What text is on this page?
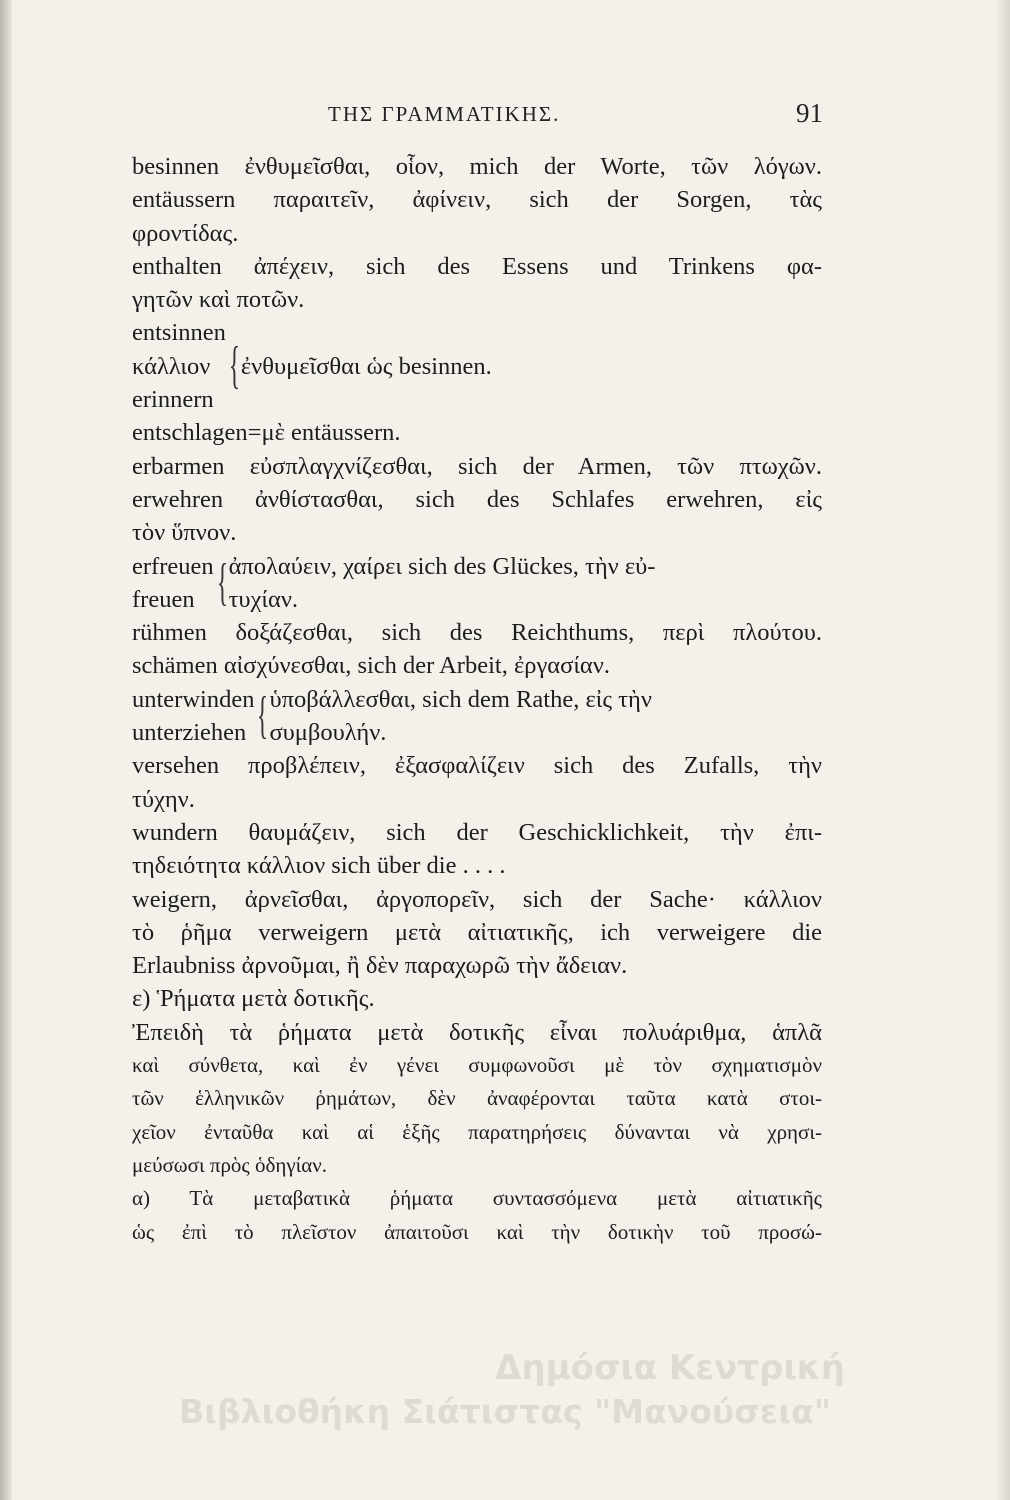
ΤΗΣ ΓΡΑΜΜΑΤΙΚΗΣ.	91
besinnen ἐνθυμεῖσθαι, οἷον, mich der Worte, τῶν λόγων.
entäussern παραιτεῖν, ἀφίνειν, sich der Sorgen, τὰς
φροντίδας.
enthalten ἀπέχειν, sich des Essens und Trinkens φα-
γητῶν καὶ ποτῶν.
entsinnen
κάλλιον
erinnern
{ ἐνθυμεῖσθαι ὡς besinnen.
entschlagen=μὲ entäussern.
erbarmen εὐσπλαγχνίζεσθαι, sich der Armen, τῶν πτωχῶν.
erwehren ἀνθίστασθαι, sich des Schlafes erwehren, εἰς
τὸν ὕπνον.
erfreuen
freuen { ἀπολαύειν, χαίρει sich des Glückes, τὴν εὐ-
τυχίαν.
rühmen δοξάζεσθαι, sich des Reichthums, περὶ πλούτου.
schämen αἰσχύνεσθαι, sich der Arbeit, ἐργασίαν.
unterwinden
unterziehen { ὑποβάλλεσθαι, sich dem Rathe, εἰς τὴν
συμβουλήν.
versehen προβλέπειν, ἐξασφαλίζειν sich des Zufalls, τὴν
τύχην.
wundern θαυμάζειν, sich der Geschicklichkeit, τὴν ἐπι-
τηδειότητα κάλλιον sich über die . . . .
weigern, ἀρνεῖσθαι, ἀργοπορεῖν, sich der Sache· κάλλιον
τὸ ῥῆμα verweigern μετὰ αἰτιατικῆς, ich verweigere die
Erlaubniss ἀρνοῦμαι, ἢ δὲν παραχωρῶ τὴν ἄδειαν.
ε) Ῥήματα μετὰ δοτικῆς.
Ἐπειδὴ τὰ ῥήματα μετὰ δοτικῆς εἶναι πολυάριθμα, ἁπλᾶ
καὶ σύνθετα, καὶ ἐν γένει συμφωνοῦσι μὲ τὸν σχηματισμὸν
τῶν ἑλληνικῶν ῥημάτων, δὲν ἀναφέρονται ταῦτα κατὰ στοι-
χεῖον ἐνταῦθα καὶ αἱ ἑξῆς παρατηρήσεις δύνανται νὰ χρησι-
μεύσωσι πρὸς ὁδηγίαν.
α) Τὰ μεταβατικὰ ῥήματα συντασσόμενα μετὰ αἰτιατικῆς
ὡς ἐπὶ τὸ πλεῖστον ἀπαιτοῦσι καὶ τὴν δοτικὴν τοῦ προσώ-
Δημόσια Κεντρική
Βιβλιοθήκη Σιάτιστας "Μανούσεια"
